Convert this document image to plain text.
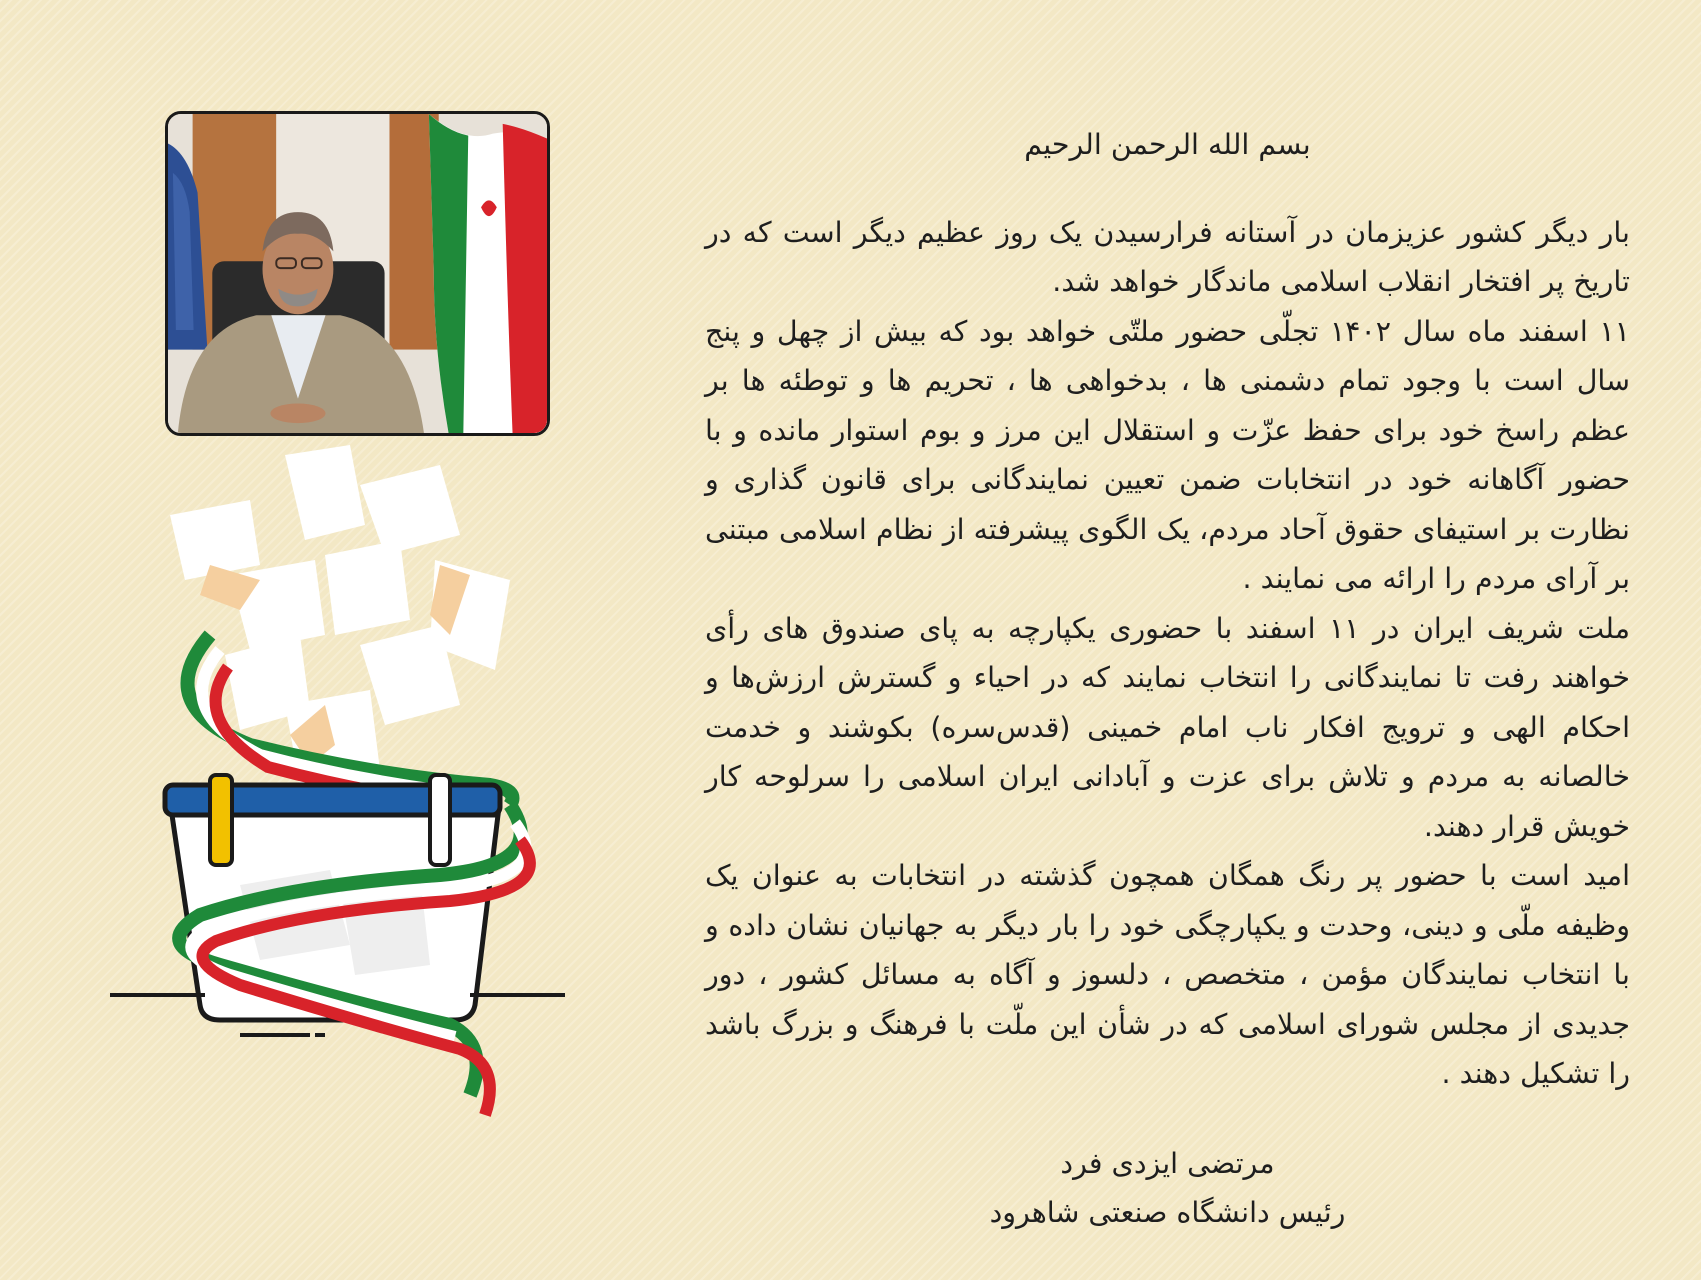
بسم الله الرحمن الرحیم

بار دیگر کشور عزیزمان در آستانه فرارسیدن یک روز عظیم دیگر است که در تاریخ پر افتخار انقلاب اسلامی ماندگار خواهد شد.

۱۱ اسفند ماه سال ۱۴۰۲ تجلّی حضور ملتّی خواهد بود که بیش از چهل و پنج سال است با وجود تمام دشمنی ها ، بدخواهی ها ، تحریم ها و توطئه ها بر عظم راسخ خود برای حفظ عزّت و استقلال این مرز و بوم استوار مانده و با حضور آگاهانه خود در انتخابات ضمن تعیین نمایندگانی برای قانون گذاری و نظارت بر استیفای حقوق آحاد مردم، یک الگوی پیشرفته از نظام اسلامی مبتنی بر آرای مردم را ارائه می نمایند .

ملت شریف ایران در ۱۱ اسفند با حضوری یکپارچه به پای صندوق های رأی خواهند رفت تا نمایندگانی را انتخاب نمایند که در احیاء و گسترش ارزش‌ها و احکام الهی و ترویج افکار ناب امام خمینی (قدس‌سره) بکوشند و خدمت خالصانه به مردم و تلاش برای عزت و آبادانی ایران اسلامی را سرلوحه کار خویش قرار دهند.

امید است با حضور پر رنگ همگان همچون گذشته در انتخابات به عنوان یک وظیفه ملّی و دینی، وحدت و یکپارچگی خود را بار دیگر به جهانیان نشان داده و با انتخاب نمایندگان مؤمن ، متخصص ، دلسوز و آگاه به مسائل کشور ، دور جدیدی از مجلس شورای اسلامی که در شأن این ملّت با فرهنگ و بزرگ باشد را تشکیل دهند .

مرتضی ایزدی فرد

رئیس دانشگاه صنعتی شاهرود
